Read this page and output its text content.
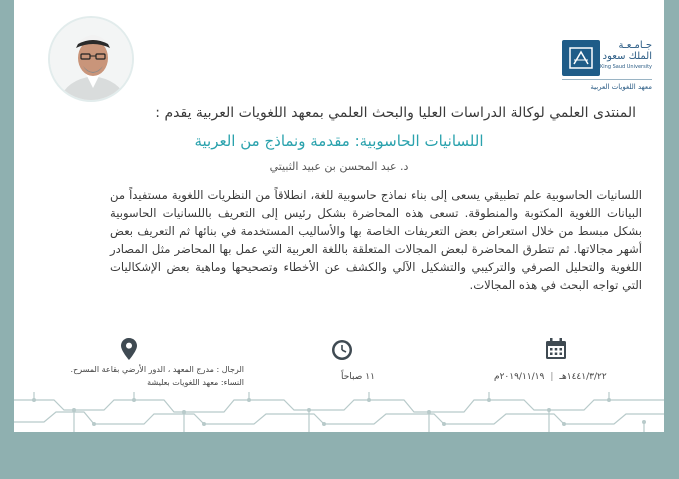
جـامـعـة الملك سعود
King Saud University
معهد اللغويات العربية
المنتدى العلمي لوكالة الدراسات العليا والبحث العلمي بمعهد اللغويات العربية يقدم :
اللسانيات الحاسوبية: مقدمة ونماذج من العربية
د. عبد المحسن بن عبيد الثبيتي
اللسانيات الحاسوبية علم تطبيقي يسعى إلى بناء نماذج حاسوبية للغة، انطلاقاً من النظريات اللغوية مستفيداً من البيانات اللغوية المكتوبة والمنطوقة. تسعى هذه المحاضرة بشكل رئيس إلى التعريف باللسانيات الحاسوبية بشكل مبسط من خلال استعراض بعض التعريفات الخاصة بها والأساليب المستخدمة في بنائها ثم التعريف بعض أشهر مجالاتها. ثم تتطرق المحاضرة لبعض المجالات المتعلقة باللغة العربية التي عمل بها المحاضر مثل المصادر اللغوية والتحليل الصرفي والتركيبي والتشكيل الآلي والكشف عن الأخطاء وتصحيحها وماهية بعض الإشكاليات التي تواجه البحث في هذه المجالات.
الرجال : مدرج المعهد ، الدور الأرضي بقاعة المسرح.
النساء: معهد اللغويات بعليشة
١١ صباحاً	١٤٤١/٣/٢٢هـ|٢٠١٩/١١/١٩م
